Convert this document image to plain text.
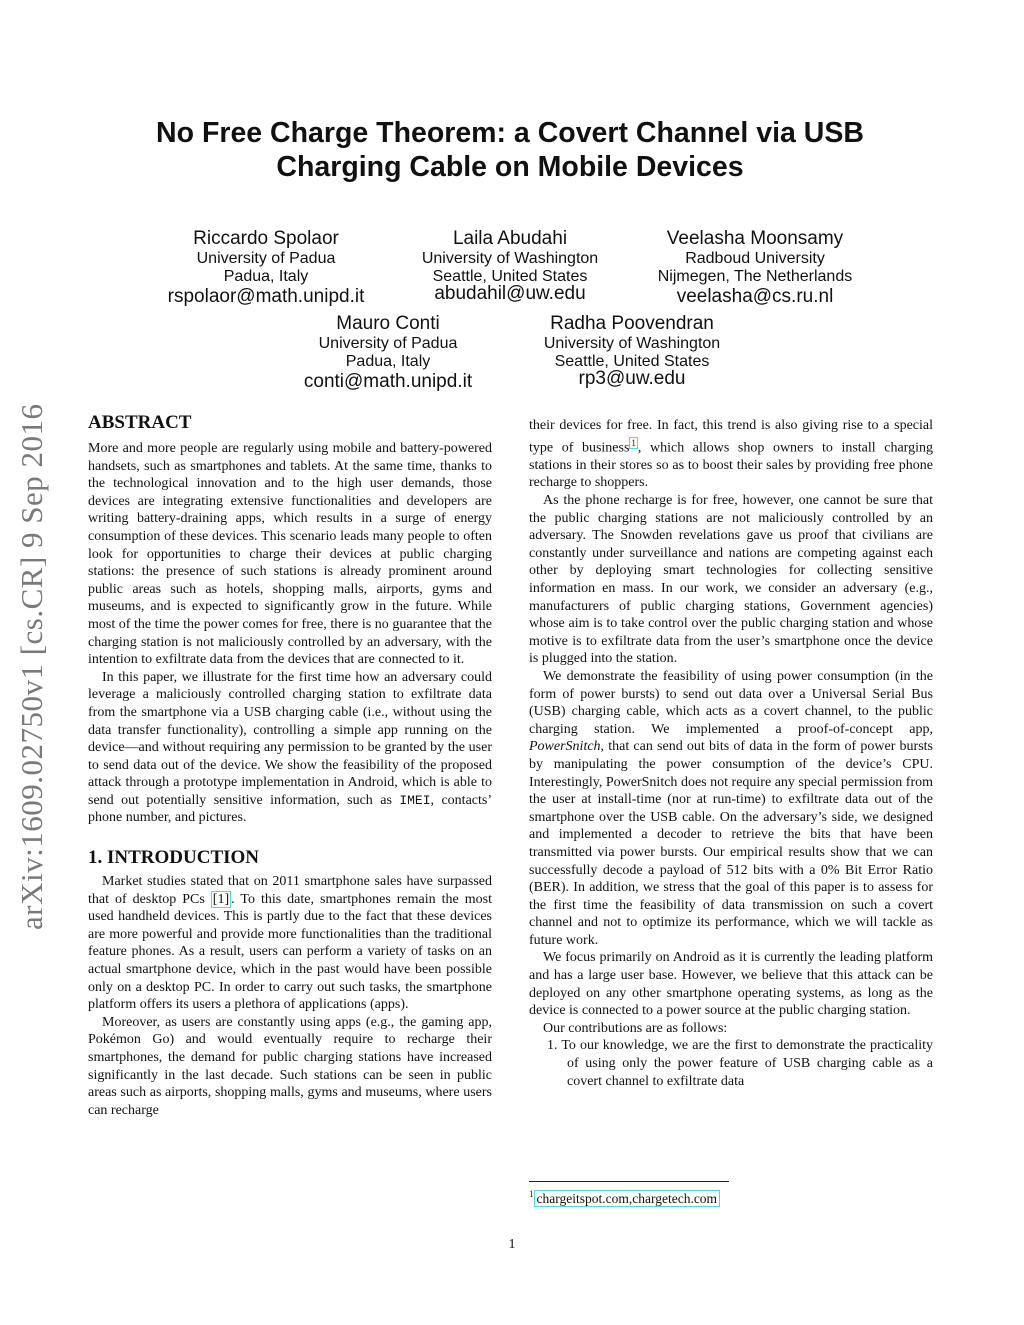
arXiv:1609.02750v1 [cs.CR] 9 Sep 2016
No Free Charge Theorem: a Covert Channel via USB
Charging Cable on Mobile Devices
Riccardo Spolaor
University of Padua
Padua, Italy
rspolaor@math.unipd.it
Laila Abudahi
University of Washington
Seattle, United States
abudahil@uw.edu
Veelasha Moonsamy
Radboud University
Nijmegen, The Netherlands
veelasha@cs.ru.nl
Mauro Conti
University of Padua
Padua, Italy
conti@math.unipd.it
Radha Poovendran
University of Washington
Seattle, United States
rp3@uw.edu
ABSTRACT

More and more people are regularly using mobile and battery-powered handsets, such as smartphones and tablets. At the same time, thanks to the technological innovation and to the high user demands, those devices are integrating extensive functionalities and developers are writing battery-draining apps, which results in a surge of energy consumption of these devices. This scenario leads many people to often look for opportunities to charge their devices at public charging stations: the presence of such stations is already prominent around public areas such as hotels, shopping malls, airports, gyms and museums, and is expected to significantly grow in the future. While most of the time the power comes for free, there is no guarantee that the charging station is not maliciously controlled by an adversary, with the intention to exfiltrate data from the devices that are connected to it.

In this paper, we illustrate for the first time how an adversary could leverage a maliciously controlled charging station to exfiltrate data from the smartphone via a USB charging cable (i.e., without using the data transfer functionality), controlling a simple app running on the device—and without requiring any permission to be granted by the user to send data out of the device. We show the feasibility of the proposed attack through a prototype implementation in Android, which is able to send out potentially sensitive information, such as IMEI, contacts’ phone number, and pictures.

1. INTRODUCTION

Market studies stated that on 2011 smartphone sales have surpassed that of desktop PCs [1] . To this date, smartphones remain the most used handheld devices. This is partly due to the fact that these devices are more powerful and provide more functionalities than the traditional feature phones. As a result, users can perform a variety of tasks on an actual smartphone device, which in the past would have been possible only on a desktop PC. In order to carry out such tasks, the smartphone platform offers its users a plethora of applications (apps).

Moreover, as users are constantly using apps (e.g., the gaming app, Pokémon Go) and would eventually require to recharge their smartphones, the demand for public charging stations have increased significantly in the last decade. Such stations can be seen in public areas such as airports, shopping malls, gyms and museums, where users can recharge

their devices for free. In fact, this trend is also giving rise to a special type of business $^1$ , which allows shop owners to install charging stations in their stores so as to boost their sales by providing free phone recharge to shoppers.

As the phone recharge is for free, however, one cannot be sure that the public charging stations are not maliciously controlled by an adversary. The Snowden revelations gave us proof that civilians are constantly under surveillance and nations are competing against each other by deploying smart technologies for collecting sensitive information en mass. In our work, we consider an adversary (e.g., manufacturers of public charging stations, Government agencies) whose aim is to take control over the public charging station and whose motive is to exfiltrate data from the user’s smartphone once the device is plugged into the station.

We demonstrate the feasibility of using power consumption (in the form of power bursts) to send out data over a Universal Serial Bus (USB) charging cable, which acts as a covert channel, to the public charging station. We implemented a proof-of-concept app, PowerSnitch, that can send out bits of data in the form of power bursts by manipulating the power consumption of the device’s CPU. Interestingly, PowerSnitch does not require any special permission from the user at install-time (nor at run-time) to exfiltrate data out of the smartphone over the USB cable. On the adversary’s side, we designed and implemented a decoder to retrieve the bits that have been transmitted via power bursts. Our empirical results show that we can successfully decode a payload of 512 bits with a 0% Bit Error Ratio (BER). In addition, we stress that the goal of this paper is to assess for the first time the feasibility of data transmission on such a covert channel and not to optimize its performance, which we will tackle as future work.

We focus primarily on Android as it is currently the leading platform and has a large user base. However, we believe that this attack can be deployed on any other smartphone operating systems, as long as the device is connected to a power source at the public charging station.

Our contributions are as follows:

1. To our knowledge, we are the first to demonstrate the practicality of using only the power feature of USB charging cable as a covert channel to exfiltrate data
$^1$ chargeitspot.com,chargetech.com
1
